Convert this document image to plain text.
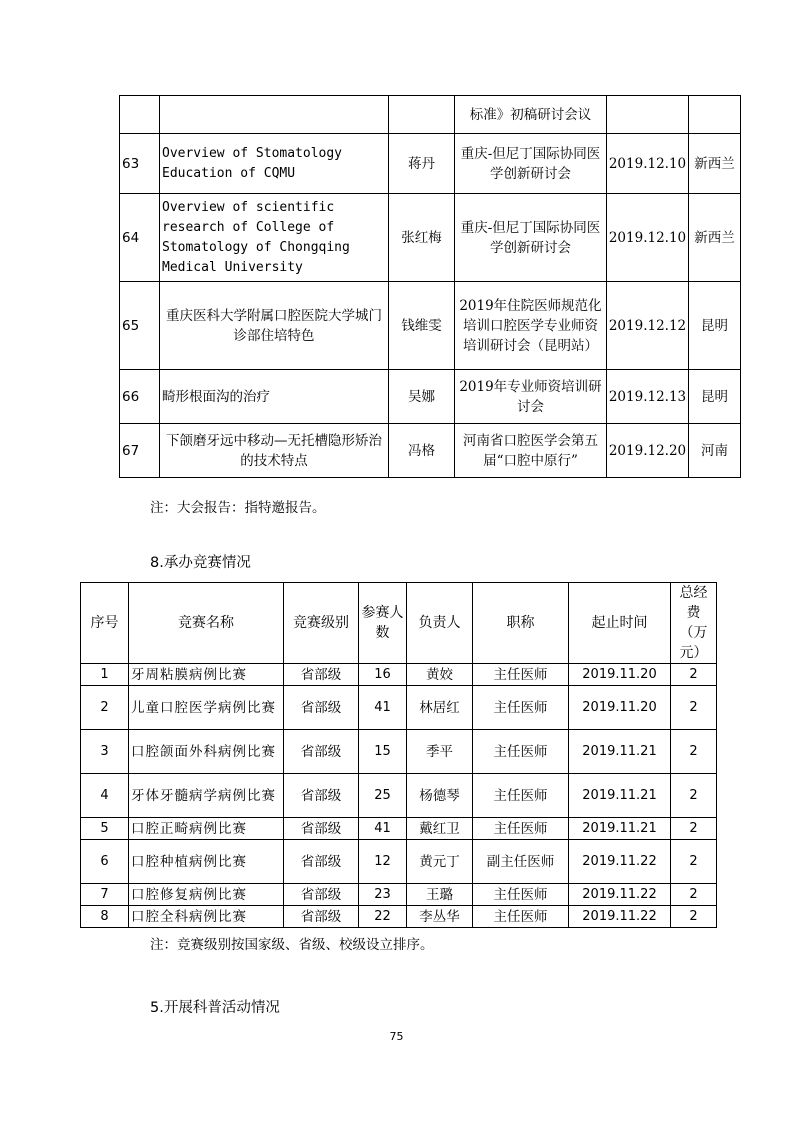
			标准》初稿研讨会议		
63	Overview of Stomatology Education of CQMU	蒋丹	重庆-但尼丁国际协同医学创新研讨会	2019.12.10	新西兰
64	Overview of scientific research of College of Stomatology of Chongqing Medical University	张红梅	重庆-但尼丁国际协同医学创新研讨会	2019.12.10	新西兰
65	重庆医科大学附属口腔医院大学城门诊部住培特色	钱维雯	2019年住院医师规范化培训口腔医学专业师资培训研讨会（昆明站）	2019.12.12	昆明
66	畸形根面沟的治疗	吴娜	2019年专业师资培训研讨会	2019.12.13	昆明
67	下颌磨牙远中移动—无托槽隐形矫治的技术特点	冯格	河南省口腔医学会第五届“口腔中原行”	2019.12.20	河南
注：大会报告：指特邀报告。
8.承办竞赛情况
序号	竞赛名称	竞赛级别	参赛人数	负责人	职称	起止时间	总经费（万元）
1	牙周粘膜病例比赛	省部级	16	黄姣	主任医师	2019.11.20	2
2	儿童口腔医学病例比赛	省部级	41	林居红	主任医师	2019.11.20	2
3	口腔颌面外科病例比赛	省部级	15	季平	主任医师	2019.11.21	2
4	牙体牙髓病学病例比赛	省部级	25	杨德琴	主任医师	2019.11.21	2
5	口腔正畸病例比赛	省部级	41	戴红卫	主任医师	2019.11.21	2
6	口腔种植病例比赛	省部级	12	黄元丁	副主任医师	2019.11.22	2
7	口腔修复病例比赛	省部级	23	王璐	主任医师	2019.11.22	2
8	口腔全科病例比赛	省部级	22	李丛华	主任医师	2019.11.22	2
注：竞赛级别按国家级、省级、校级设立排序。
5.开展科普活动情况
75
